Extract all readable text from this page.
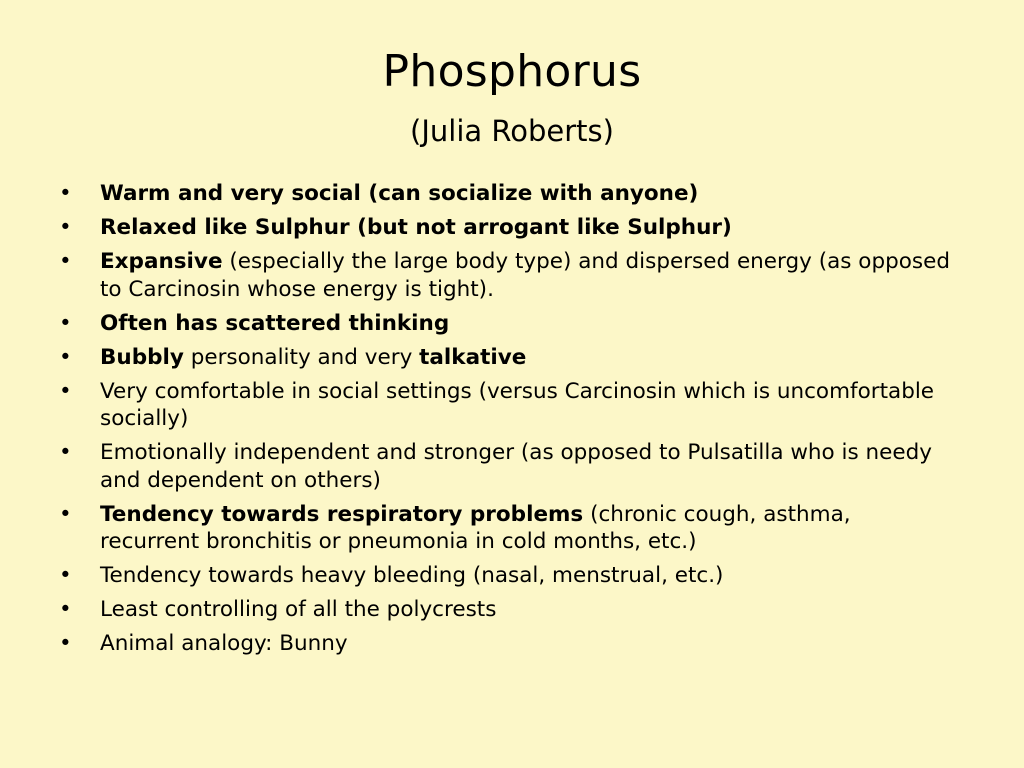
Phosphorus
(Julia Roberts)
• Warm and very social (can socialize with anyone)
• Relaxed like Sulphur (but not arrogant like Sulphur)
• Expansive (especially the large body type) and dispersed energy (as opposed to Carcinosin whose energy is tight).
• Often has scattered thinking
• Bubbly personality and very talkative
• Very comfortable in social settings (versus Carcinosin which is uncomfortable socially)
• Emotionally independent and stronger (as opposed to Pulsatilla who is needy and dependent on others)
• Tendency towards respiratory problems (chronic cough, asthma, recurrent bronchitis or pneumonia in cold months, etc.)
• Tendency towards heavy bleeding (nasal, menstrual, etc.)
• Least controlling of all the polycrests
• Animal analogy: Bunny
